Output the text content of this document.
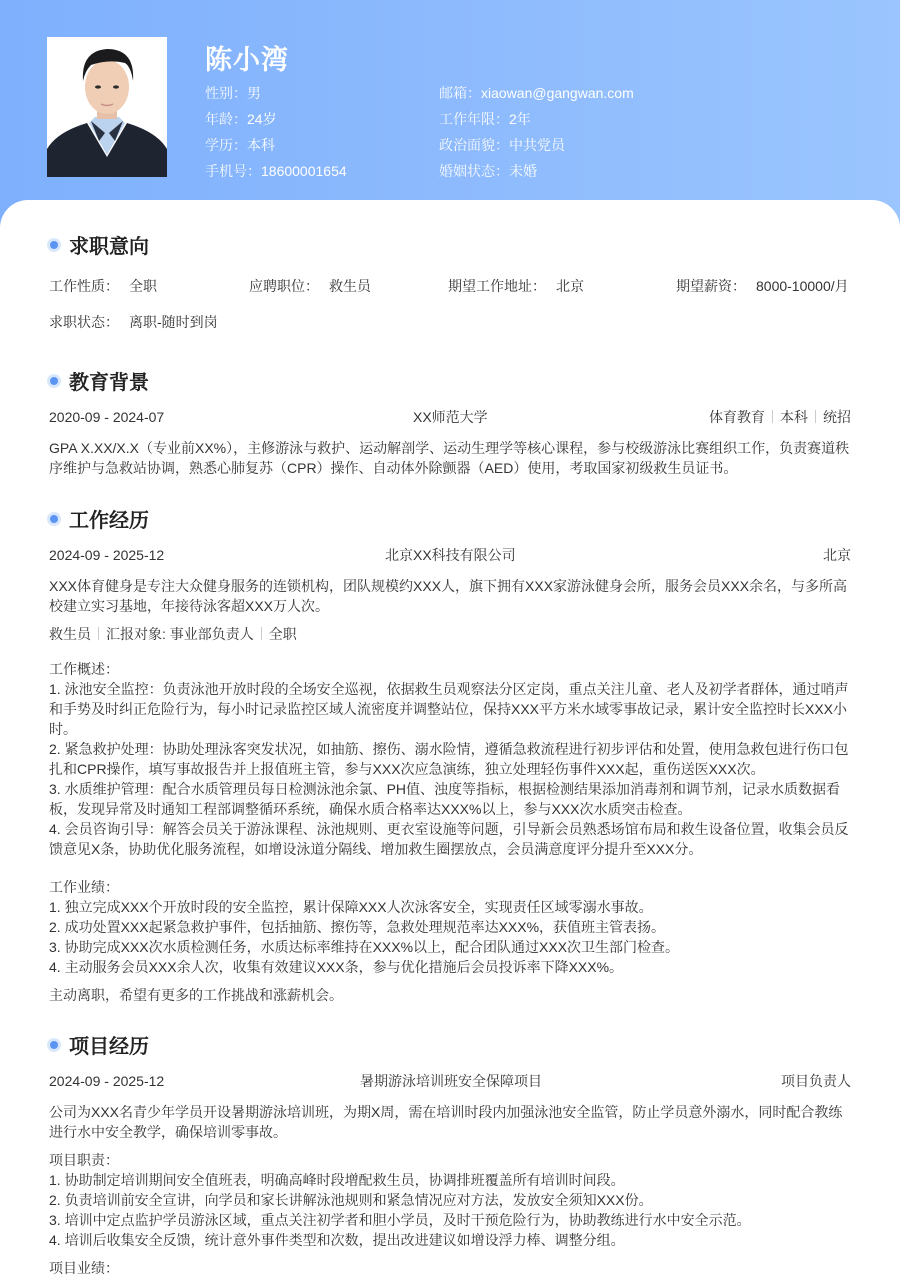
陈小湾
性别：男
年龄：24岁
学历：本科
手机号：18600001654
邮箱：xiaowan@gangwan.com
工作年限：2年
政治面貌：中共党员
婚姻状态：未婚
求职意向
工作性质： 全职	应聘职位： 救生员	期望工作地址： 北京	期望薪资： 8000-10000/月
求职状态： 离职-随时到岗
教育背景
2020-09 - 2024-07	XX师范大学	体育教育 本科 统招
GPA X.XX/X.X（专业前XX%），主修游泳与救护、运动解剖学、运动生理学等核心课程，参与校级游泳比赛组织工作，负责赛道秩序维护与急救站协调，熟悉心肺复苏（CPR）操作、自动体外除颤器（AED）使用，考取国家初级救生员证书。
工作经历
2024-09 - 2025-12	北京XX科技有限公司	北京
XXX体育健身是专注大众健身服务的连锁机构，团队规模约XXX人，旗下拥有XXX家游泳健身会所，服务会员XXX余名，与多所高校建立实习基地，年接待泳客超XXX万人次。
救生员 汇报对象: 事业部负责人 全职
工作概述：
1. 泳池安全监控：负责泳池开放时段的全场安全巡视，依据救生员观察法分区定岗，重点关注儿童、老人及初学者群体，通过哨声和手势及时纠正危险行为，每小时记录监控区域人流密度并调整站位，保持XXX平方米水域零事故记录，累计安全监控时长XXX小时。
2. 紧急救护处理：协助处理泳客突发状况，如抽筋、擦伤、溺水险情，遵循急救流程进行初步评估和处置，使用急救包进行伤口包扎和CPR操作，填写事故报告并上报值班主管，参与XXX次应急演练，独立处理轻伤事件XXX起，重伤送医XXX次。
3. 水质维护管理：配合水质管理员每日检测泳池余氯、PH值、浊度等指标，根据检测结果添加消毒剂和调节剂，记录水质数据看板，发现异常及时通知工程部调整循环系统，确保水质合格率达XXX%以上，参与XXX次水质突击检查。
4. 会员咨询引导：解答会员关于游泳课程、泳池规则、更衣室设施等问题，引导新会员熟悉场馆布局和救生设备位置，收集会员反馈意见X条，协助优化服务流程，如增设泳道分隔线、增加救生圈摆放点，会员满意度评分提升至XXX分。
工作业绩：
1. 独立完成XXX个开放时段的安全监控，累计保障XXX人次泳客安全，实现责任区域零溺水事故。
2. 成功处置XXX起紧急救护事件，包括抽筋、擦伤等，急救处理规范率达XXX%，获值班主管表扬。
3. 协助完成XXX次水质检测任务，水质达标率维持在XXX%以上，配合团队通过XXX次卫生部门检查。
4. 主动服务会员XXX余人次，收集有效建议XXX条，参与优化措施后会员投诉率下降XXX%。
主动离职，希望有更多的工作挑战和涨薪机会。
项目经历
2024-09 - 2025-12	暑期游泳培训班安全保障项目	项目负责人
公司为XXX名青少年学员开设暑期游泳培训班，为期X周，需在培训时段内加强泳池安全监管，防止学员意外溺水，同时配合教练进行水中安全教学，确保培训零事故。
项目职责：
1. 协助制定培训期间安全值班表，明确高峰时段增配救生员，协调排班覆盖所有培训时间段。
2. 负责培训前安全宣讲，向学员和家长讲解泳池规则和紧急情况应对方法，发放安全须知XXX份。
3. 培训中定点监护学员游泳区域，重点关注初学者和胆小学员，及时干预危险行为，协助教练进行水中安全示范。
4. 培训后收集安全反馈，统计意外事件类型和次数，提出改进建议如增设浮力棒、调整分组。
项目业绩：
